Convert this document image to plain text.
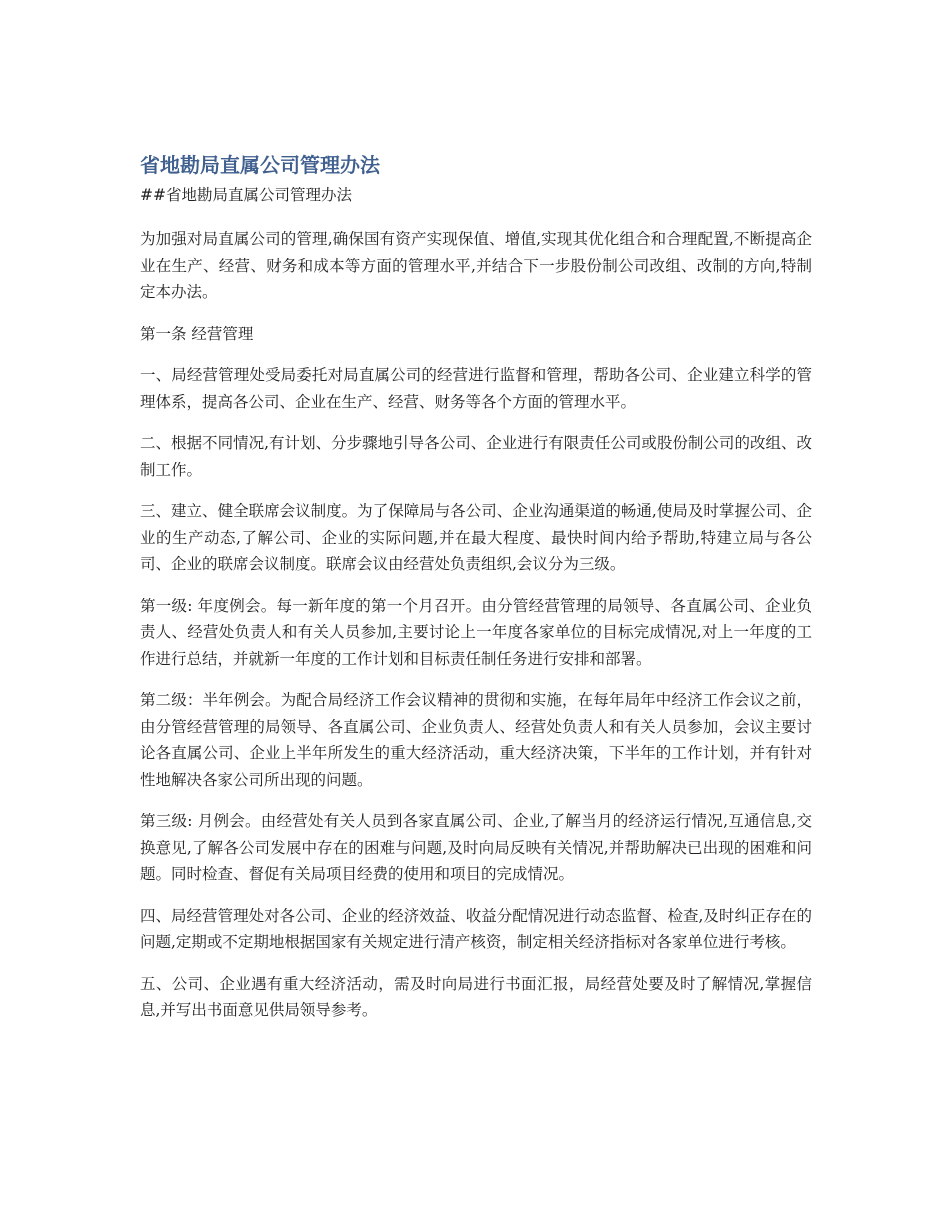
省地勘局直属公司管理办法
##省地勘局直属公司管理办法

为加强对局直属公司的管理,确保国有资产实现保值、增值,实现其优化组合和合理配置,不断提高企业在生产、经营、财务和成本等方面的管理水平,并结合下一步股份制公司改组、改制的方向,特制定本办法。

第一条 经营管理

一、局经营管理处受局委托对局直属公司的经营进行监督和管理，帮助各公司、企业建立科学的管理体系，提高各公司、企业在生产、经营、财务等各个方面的管理水平。

二、根据不同情况,有计划、分步骤地引导各公司、企业进行有限责任公司或股份制公司的改组、改制工作。

三、建立、健全联席会议制度。为了保障局与各公司、企业沟通渠道的畅通,使局及时掌握公司、企业的生产动态,了解公司、企业的实际问题,并在最大程度、最快时间内给予帮助,特建立局与各公司、企业的联席会议制度。联席会议由经营处负责组织,会议分为三级。

第一级: 年度例会。每一新年度的第一个月召开。由分管经营管理的局领导、各直属公司、企业负责人、经营处负责人和有关人员参加,主要讨论上一年度各家单位的目标完成情况,对上一年度的工作进行总结，并就新一年度的工作计划和目标责任制任务进行安排和部署。

第二级：半年例会。为配合局经济工作会议精神的贯彻和实施，在每年局年中经济工作会议之前，由分管经营管理的局领导、各直属公司、企业负责人、经营处负责人和有关人员参加，会议主要讨论各直属公司、企业上半年所发生的重大经济活动，重大经济决策，下半年的工作计划，并有针对性地解决各家公司所出现的问题。

第三级: 月例会。由经营处有关人员到各家直属公司、企业,了解当月的经济运行情况,互通信息,交换意见,了解各公司发展中存在的困难与问题,及时向局反映有关情况,并帮助解决已出现的困难和问题。同时检查、督促有关局项目经费的使用和项目的完成情况。

四、局经营管理处对各公司、企业的经济效益、收益分配情况进行动态监督、检查,及时纠正存在的问题,定期或不定期地根据国家有关规定进行清产核资，制定相关经济指标对各家单位进行考核。

五、公司、企业遇有重大经济活动，需及时向局进行书面汇报，局经营处要及时了解情况,掌握信息,并写出书面意见供局领导参考。
